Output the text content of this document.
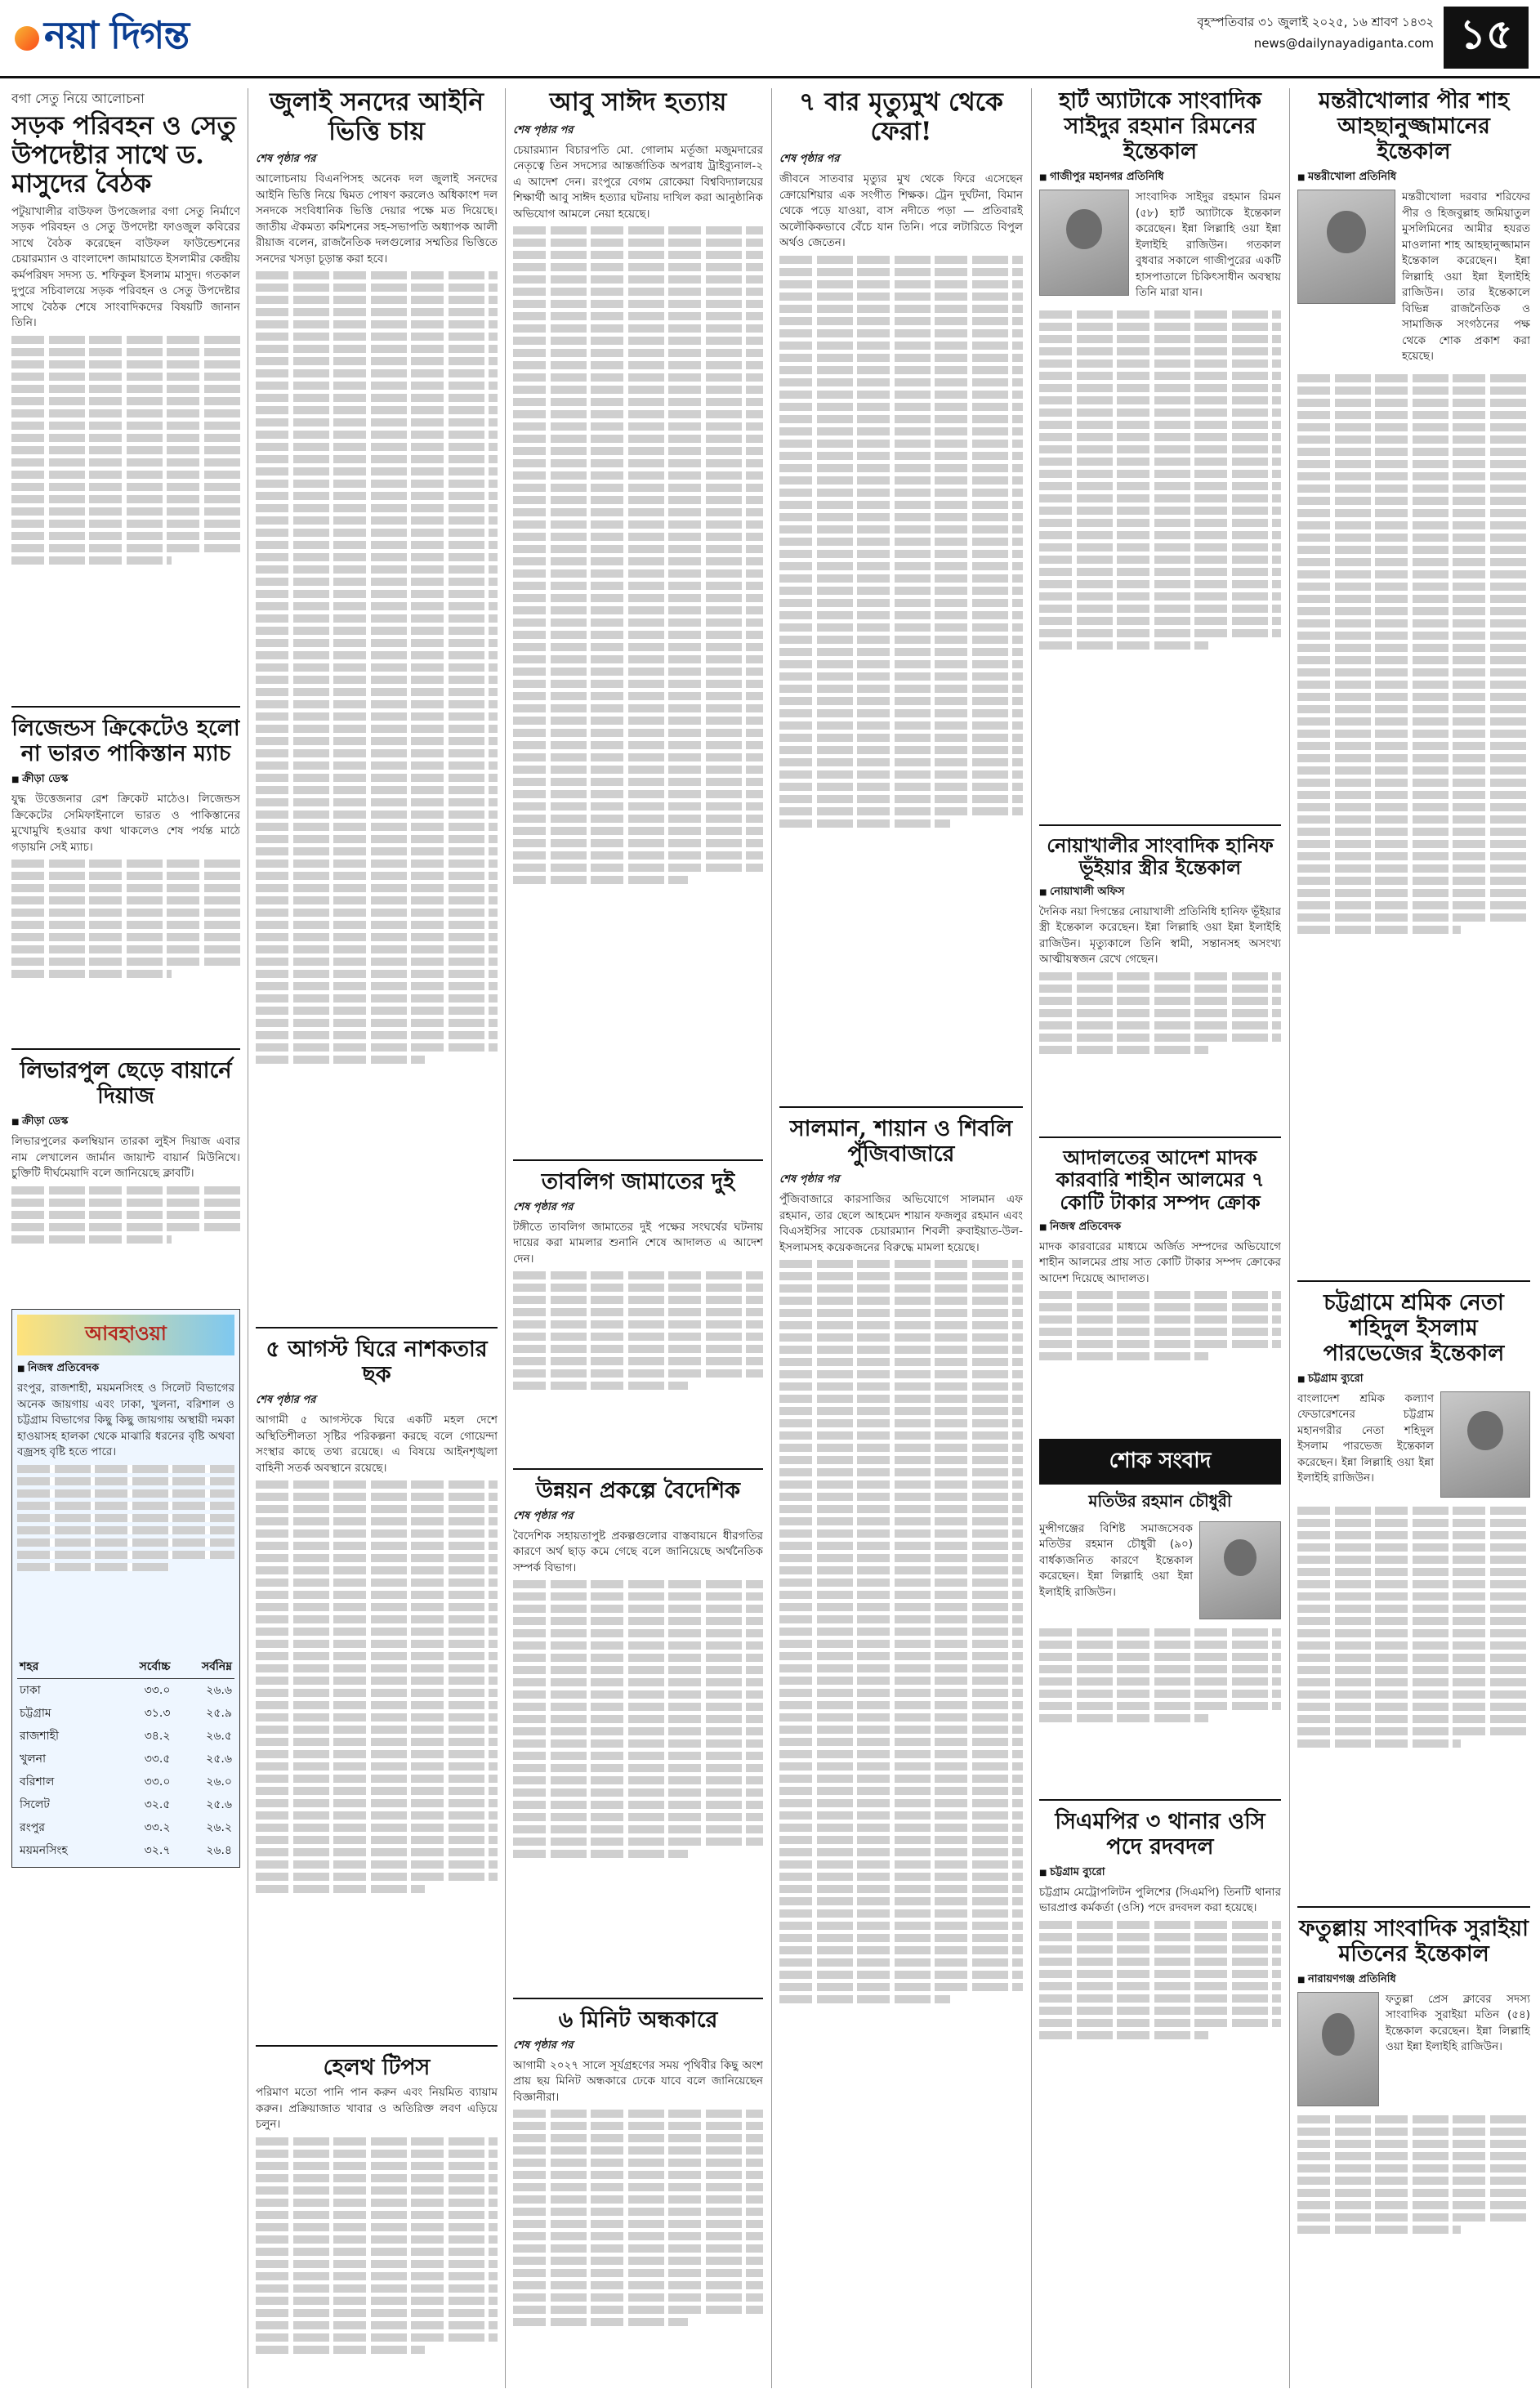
নয়া দিগন্ত	বৃহস্পতিবার ৩১ জুলাই ২০২৫, ১৬ শ্রাবণ ১৪৩২
news@dailynayadiganta.com ১৫
বগা সেতু নিয়ে আলোচনা
সড়ক পরিবহন ও সেতু উপদেষ্টার সাথে ড. মাসুদের বৈঠক

পটুয়াখালীর বাউফল উপজেলার বগা সেতু নির্মাণে সড়ক পরিবহন ও সেতু উপদেষ্টা ফাওজুল কবিরের সাথে বৈঠক করেছেন বাউফল ফাউন্ডেশনের চেয়ারম্যান ও বাংলাদেশ জামায়াতে ইসলামীর কেন্দ্রীয় কর্মপরিষদ সদস্য ড. শফিকুল ইসলাম মাসুদ। গতকাল দুপুরে সচিবালয়ে সড়ক পরিবহন ও সেতু উপদেষ্টার সাথে বৈঠক শেষে সাংবাদিকদের বিষয়টি জানান তিনি।

লিজেন্ডস ক্রিকেটেও হলো না ভারত পাকিস্তান ম্যাচ
■ ক্রীড়া ডেস্ক

যুদ্ধ উত্তেজনার রেশ ক্রিকেট মাঠেও। লিজেন্ডস ক্রিকেটের সেমিফাইনালে ভারত ও পাকিস্তানের মুখোমুখি হওয়ার কথা থাকলেও শেষ পর্যন্ত মাঠে গড়ায়নি সেই ম্যাচ।

লিভারপুল ছেড়ে বায়ার্নে দিয়াজ
■ ক্রীড়া ডেস্ক

লিভারপুলের কলম্বিয়ান তারকা লুইস দিয়াজ এবার নাম লেখালেন জার্মান জায়ান্ট বায়ার্ন মিউনিখে। চুক্তিটি দীর্ঘমেয়াদি বলে জানিয়েছে ক্লাবটি।

আবহাওয়া
■ নিজস্ব প্রতিবেদক

রংপুর, রাজশাহী, ময়মনসিংহ ও সিলেট বিভাগের অনেক জায়গায় এবং ঢাকা, খুলনা, বরিশাল ও চট্টগ্রাম বিভাগের কিছু কিছু জায়গায় অস্থায়ী দমকা হাওয়াসহ হালকা থেকে মাঝারি ধরনের বৃষ্টি অথবা বজ্রসহ বৃষ্টি হতে পারে।

শহর	সর্বোচ্চ	সর্বনিম্ন
ঢাকা	৩৩.০	২৬.৬
চট্টগ্রাম	৩১.৩	২৫.৯
রাজশাহী	৩৪.২	২৬.৫
খুলনা	৩৩.৫	২৫.৬
বরিশাল	৩৩.০	২৬.০
সিলেট	৩২.৫	২৫.৬
রংপুর	৩৩.২	২৬.২
ময়মনসিংহ	৩২.৭	২৬.৪
জুলাই সনদের আইনি ভিত্তি চায়
শেষ পৃষ্ঠার পর

আলোচনায় বিএনপিসহ অনেক দল জুলাই সনদের আইনি ভিত্তি নিয়ে দ্বিমত পোষণ করলেও অধিকাংশ দল সনদকে সংবিধানিক ভিত্তি দেয়ার পক্ষে মত দিয়েছে। জাতীয় ঐকমত্য কমিশনের সহ-সভাপতি অধ্যাপক আলী রীয়াজ বলেন, রাজনৈতিক দলগুলোর সম্মতির ভিত্তিতে সনদের খসড়া চূড়ান্ত করা হবে।

৫ আগস্ট ঘিরে নাশকতার ছক
শেষ পৃষ্ঠার পর

আগামী ৫ আগস্টকে ঘিরে একটি মহল দেশে অস্থিতিশীলতা সৃষ্টির পরিকল্পনা করছে বলে গোয়েন্দা সংস্থার কাছে তথ্য রয়েছে। এ বিষয়ে আইনশৃঙ্খলা বাহিনী সতর্ক অবস্থানে রয়েছে।

হেলথ টিপস

পরিমাণ মতো পানি পান করুন এবং নিয়মিত ব্যায়াম করুন। প্রক্রিয়াজাত খাবার ও অতিরিক্ত লবণ এড়িয়ে চলুন।

আবু সাঈদ হত্যায়
শেষ পৃষ্ঠার পর

চেয়ারম্যান বিচারপতি মো. গোলাম মর্তূজা মজুমদারের নেতৃত্বে তিন সদস্যের আন্তর্জাতিক অপরাধ ট্রাইব্যুনাল-২ এ আদেশ দেন। রংপুরে বেগম রোকেয়া বিশ্ববিদ্যালয়ের শিক্ষার্থী আবু সাঈদ হত্যার ঘটনায় দাখিল করা আনুষ্ঠানিক অভিযোগ আমলে নেয়া হয়েছে।

তাবলিগ জামাতের দুই
শেষ পৃষ্ঠার পর

টঙ্গীতে তাবলিগ জামাতের দুই পক্ষের সংঘর্ষের ঘটনায় দায়ের করা মামলার শুনানি শেষে আদালত এ আদেশ দেন।

উন্নয়ন প্রকল্পে বৈদেশিক
শেষ পৃষ্ঠার পর

বৈদেশিক সহায়তাপুষ্ট প্রকল্পগুলোর বাস্তবায়নে ধীরগতির কারণে অর্থ ছাড় কমে গেছে বলে জানিয়েছে অর্থনৈতিক সম্পর্ক বিভাগ।

৬ মিনিট অন্ধকারে
শেষ পৃষ্ঠার পর

আগামী ২০২৭ সালে সূর্যগ্রহণের সময় পৃথিবীর কিছু অংশ প্রায় ছয় মিনিট অন্ধকারে ঢেকে যাবে বলে জানিয়েছেন বিজ্ঞানীরা।

৭ বার মৃত্যুমুখ থেকে ফেরা!
শেষ পৃষ্ঠার পর

জীবনে সাতবার মৃত্যুর মুখ থেকে ফিরে এসেছেন ক্রোয়েশিয়ার এক সংগীত শিক্ষক। ট্রেন দুর্ঘটনা, বিমান থেকে পড়ে যাওয়া, বাস নদীতে পড়া — প্রতিবারই অলৌকিকভাবে বেঁচে যান তিনি। পরে লটারিতে বিপুল অর্থও জেতেন।

সালমান, শায়ান ও শিবলি পুঁজিবাজারে
শেষ পৃষ্ঠার পর

পুঁজিবাজারে কারসাজির অভিযোগে সালমান এফ রহমান, তার ছেলে আহমেদ শায়ান ফজলুর রহমান এবং বিএসইসির সাবেক চেয়ারম্যান শিবলী রুবাইয়াত-উল-ইসলামসহ কয়েকজনের বিরুদ্ধে মামলা হয়েছে।

হার্ট অ্যাটাকে সাংবাদিক সাইদুর রহমান রিমনের ইন্তেকাল
■ গাজীপুর মহানগর প্রতিনিধি

সাংবাদিক সাইদুর রহমান রিমন (৫৮) হার্ট অ্যাটাকে ইন্তেকাল করেছেন। ইন্না লিল্লাহি ওয়া ইন্না ইলাইহি রাজিউন। গতকাল বুধবার সকালে গাজীপুরের একটি হাসপাতালে চিকিৎসাধীন অবস্থায় তিনি মারা যান।

নোয়াখালীর সাংবাদিক হানিফ ভূঁইয়ার স্ত্রীর ইন্তেকাল
■ নোয়াখালী অফিস

দৈনিক নয়া দিগন্তের নোয়াখালী প্রতিনিধি হানিফ ভূঁইয়ার স্ত্রী ইন্তেকাল করেছেন। ইন্না লিল্লাহি ওয়া ইন্না ইলাইহি রাজিউন। মৃত্যুকালে তিনি স্বামী, সন্তানসহ অসংখ্য আত্মীয়স্বজন রেখে গেছেন।

আদালতের আদেশ মাদক কারবারি শাহীন আলমের ৭ কোটি টাকার সম্পদ ক্রোক
■ নিজস্ব প্রতিবেদক

মাদক কারবারের মাধ্যমে অর্জিত সম্পদের অভিযোগে শাহীন আলমের প্রায় সাত কোটি টাকার সম্পদ ক্রোকের আদেশ দিয়েছে আদালত।

শোক সংবাদ
মতিউর রহমান চৌধুরী

মুন্সীগঞ্জের বিশিষ্ট সমাজসেবক মতিউর রহমান চৌধুরী (৯০) বার্ধক্যজনিত কারণে ইন্তেকাল করেছেন। ইন্না লিল্লাহি ওয়া ইন্না ইলাইহি রাজিউন।

সিএমপির ৩ থানার ওসি পদে রদবদল
■ চট্টগ্রাম ব্যুরো

চট্টগ্রাম মেট্রোপলিটন পুলিশের (সিএমপি) তিনটি থানার ভারপ্রাপ্ত কর্মকর্তা (ওসি) পদে রদবদল করা হয়েছে।

মন্তরীখোলার পীর শাহ আহছানুজ্জামানের ইন্তেকাল
■ মন্তরীখোলা প্রতিনিধি

মন্তরীখোলা দরবার শরিফের পীর ও হিজবুল্লাহ জমিয়াতুল মুসলিমিনের আমীর হযরত মাওলানা শাহ আহছানুজ্জামান ইন্তেকাল করেছেন। ইন্না লিল্লাহি ওয়া ইন্না ইলাইহি রাজিউন। তার ইন্তেকালে বিভিন্ন রাজনৈতিক ও সামাজিক সংগঠনের পক্ষ থেকে শোক প্রকাশ করা হয়েছে।

চট্টগ্রামে শ্রমিক নেতা শহিদুল ইসলাম পারভেজের ইন্তেকাল
■ চট্টগ্রাম ব্যুরো

বাংলাদেশ শ্রমিক কল্যাণ ফেডারেশনের চট্টগ্রাম মহানগরীর নেতা শহিদুল ইসলাম পারভেজ ইন্তেকাল করেছেন। ইন্না লিল্লাহি ওয়া ইন্না ইলাইহি রাজিউন।

ফতুল্লায় সাংবাদিক সুরাইয়া মতিনের ইন্তেকাল
■ নারায়ণগঞ্জ প্রতিনিধি

ফতুল্লা প্রেস ক্লাবের সদস্য সাংবাদিক সুরাইয়া মতিন (৫৪) ইন্তেকাল করেছেন। ইন্না লিল্লাহি ওয়া ইন্না ইলাইহি রাজিউন।
